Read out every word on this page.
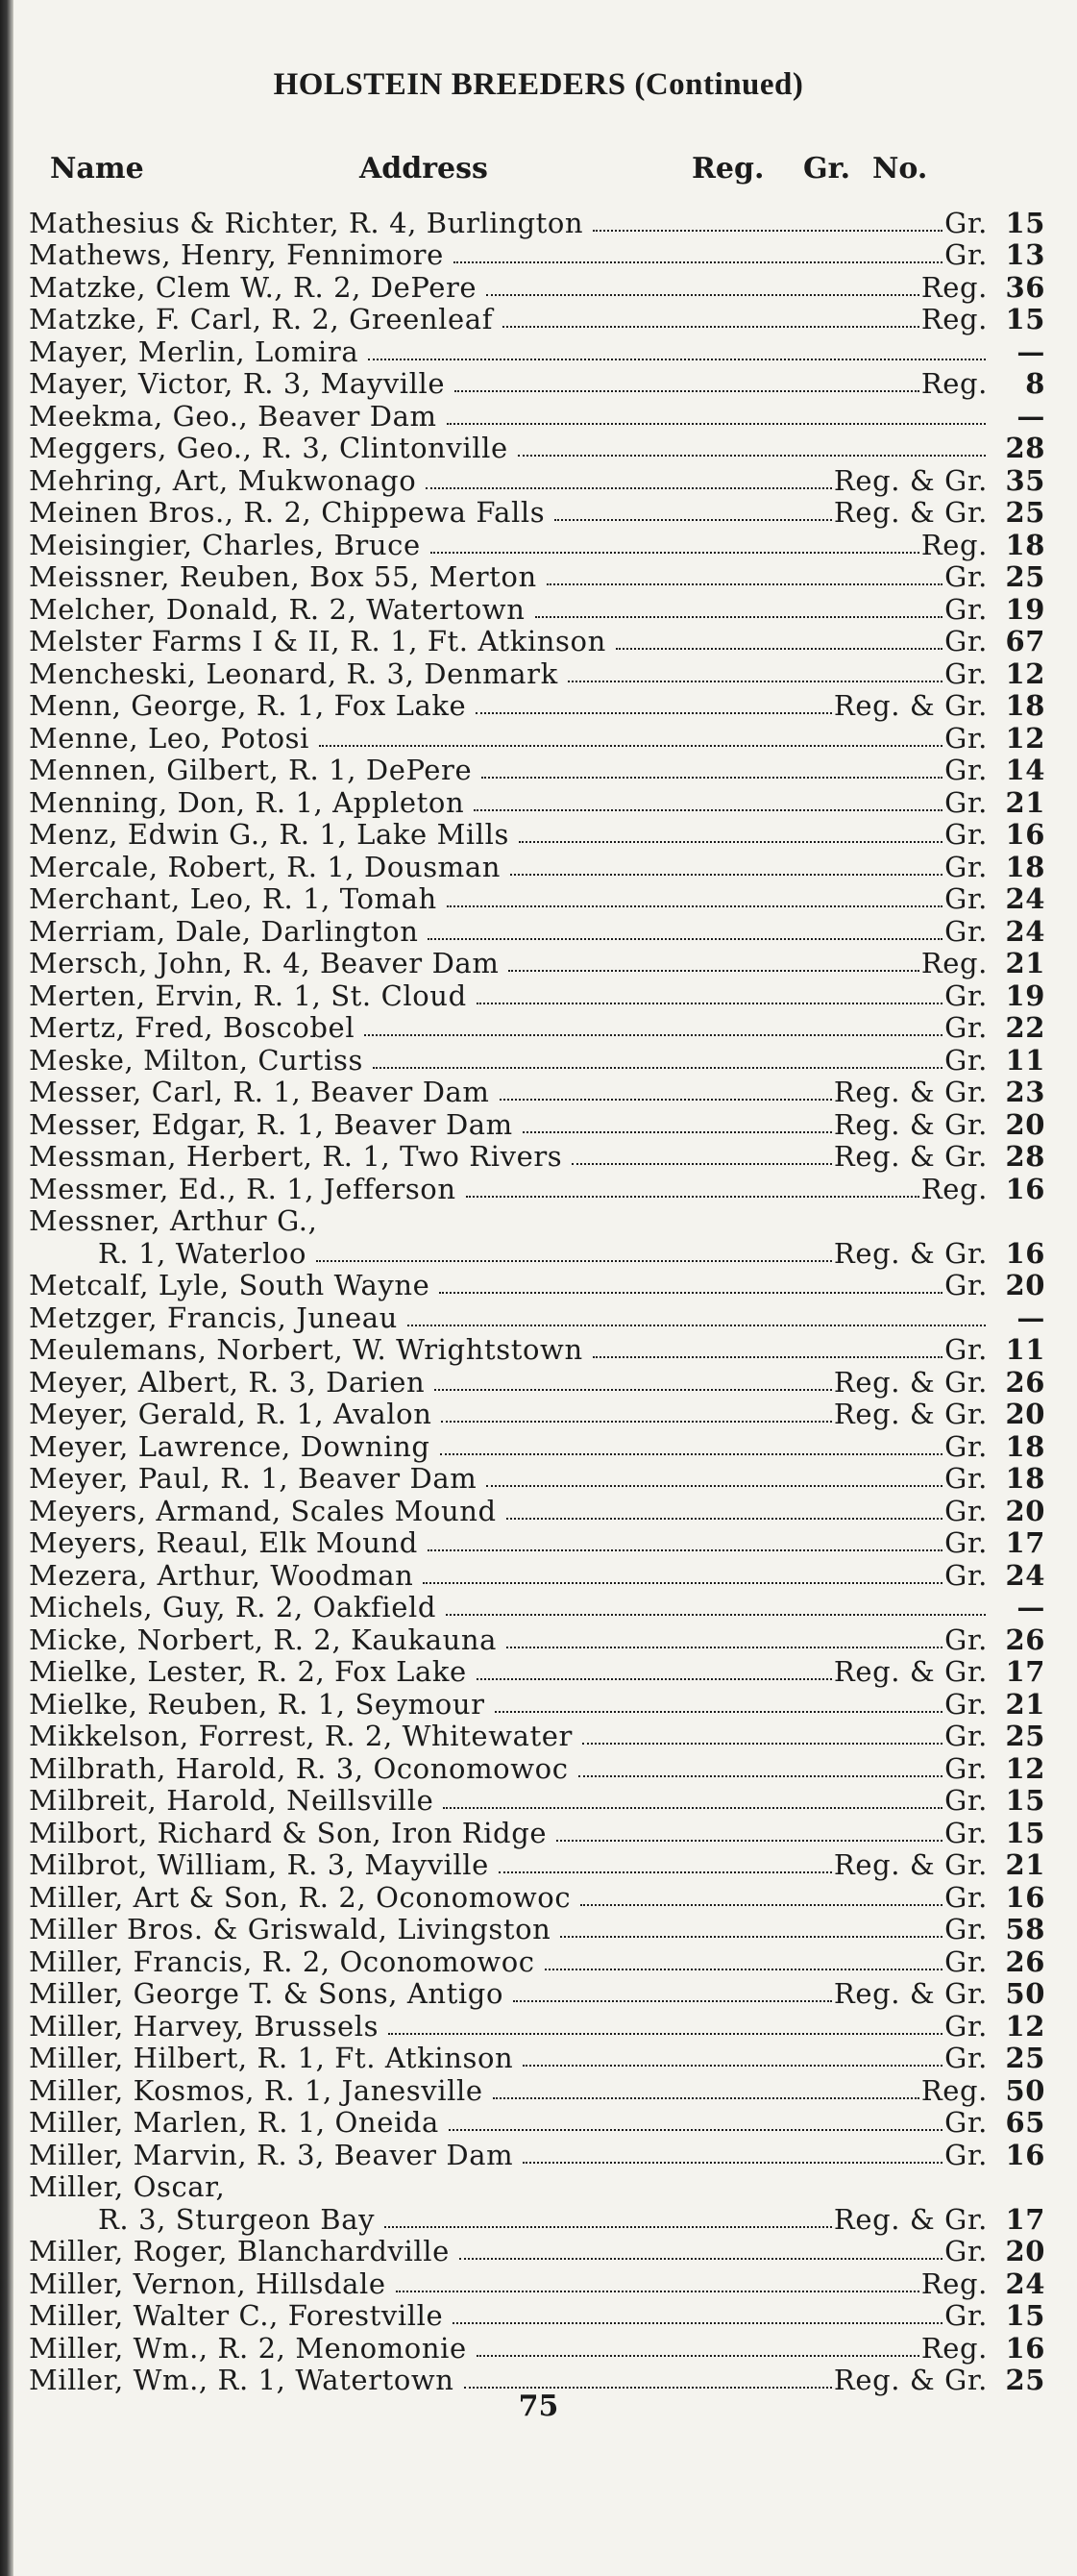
HOLSTEIN BREEDERS (Continued)
Name	Address	Reg. Gr. No.
Mathesius & Richter, R. 4, Burlington	Gr. 15
Mathews, Henry, Fennimore	Gr. 13
Matzke, Clem W., R. 2, DePere	Reg. 36
Matzke, F. Carl, R. 2, Greenleaf	Reg. 15
Mayer, Merlin, Lomira	—
Mayer, Victor, R. 3, Mayville	Reg.	8
Meekma, Geo., Beaver Dam	—
Meggers, Geo., R. 3, Clintonville	28
Mehring, Art, Mukwonago	Reg. & Gr. 35
Meinen Bros., R. 2, Chippewa Falls	Reg. & Gr. 25
Meisingier, Charles, Bruce	Reg. 18
Meissner, Reuben, Box 55, Merton	Gr. 25
Melcher, Donald, R. 2, Watertown	Gr. 19
Melster Farms I & II, R. 1, Ft. Atkinson	Gr. 67
Mencheski, Leonard, R. 3, Denmark	Gr. 12
Menn, George, R. 1, Fox Lake	Reg. & Gr. 18
Menne, Leo, Potosi	Gr. 12
Mennen, Gilbert, R. 1, DePere	Gr. 14
Menning, Don, R. 1, Appleton	Gr. 21
Menz, Edwin G., R. 1, Lake Mills	Gr. 16
Mercale, Robert, R. 1, Dousman	Gr. 18
Merchant, Leo, R. 1, Tomah	Gr. 24
Merriam, Dale, Darlington	Gr. 24
Mersch, John, R. 4, Beaver Dam	Reg. 21
Merten, Ervin, R. 1, St. Cloud	Gr. 19
Mertz, Fred, Boscobel	Gr. 22
Meske, Milton, Curtiss	Gr. 11
Messer, Carl, R. 1, Beaver Dam	Reg. & Gr. 23
Messer, Edgar, R. 1, Beaver Dam	Reg. & Gr. 20
Messman, Herbert, R. 1, Two Rivers	Reg. & Gr. 28
Messmer, Ed., R. 1, Jefferson	Reg. 16
Messner, Arthur G.,
R. 1, Waterloo	Reg. & Gr. 16
Metcalf, Lyle, South Wayne	Gr. 20
Metzger, Francis, Juneau	—
Meulemans, Norbert, W. Wrightstown	Gr. 11
Meyer, Albert, R. 3, Darien	Reg. & Gr. 26
Meyer, Gerald, R. 1, Avalon	Reg. & Gr. 20
Meyer, Lawrence, Downing	Gr. 18
Meyer, Paul, R. 1, Beaver Dam	Gr. 18
Meyers, Armand, Scales Mound	Gr. 20
Meyers, Reaul, Elk Mound	Gr. 17
Mezera, Arthur, Woodman	Gr. 24
Michels, Guy, R. 2, Oakfield	—
Micke, Norbert, R. 2, Kaukauna	Gr. 26
Mielke, Lester, R. 2, Fox Lake	Reg. & Gr. 17
Mielke, Reuben, R. 1, Seymour	Gr. 21
Mikkelson, Forrest, R. 2, Whitewater	Gr. 25
Milbrath, Harold, R. 3, Oconomowoc	Gr. 12
Milbreit, Harold, Neillsville	Gr. 15
Milbort, Richard & Son, Iron Ridge	Gr. 15
Milbrot, William, R. 3, Mayville	Reg. & Gr. 21
Miller, Art & Son, R. 2, Oconomowoc	Gr. 16
Miller Bros. & Griswald, Livingston	Gr. 58
Miller, Francis, R. 2, Oconomowoc	Gr. 26
Miller, George T. & Sons, Antigo	Reg. & Gr. 50
Miller, Harvey, Brussels	Gr. 12
Miller, Hilbert, R. 1, Ft. Atkinson	Gr. 25
Miller, Kosmos, R. 1, Janesville	Reg. 50
Miller, Marlen, R. 1, Oneida	Gr. 65
Miller, Marvin, R. 3, Beaver Dam	Gr. 16
Miller, Oscar,
R. 3, Sturgeon Bay	Reg. & Gr. 17
Miller, Roger, Blanchardville	Gr. 20
Miller, Vernon, Hillsdale	Reg. 24
Miller, Walter C., Forestville	Gr. 15
Miller, Wm., R. 2, Menomonie	Reg. 16
Miller, Wm., R. 1, Watertown	Reg. & Gr. 25
75
